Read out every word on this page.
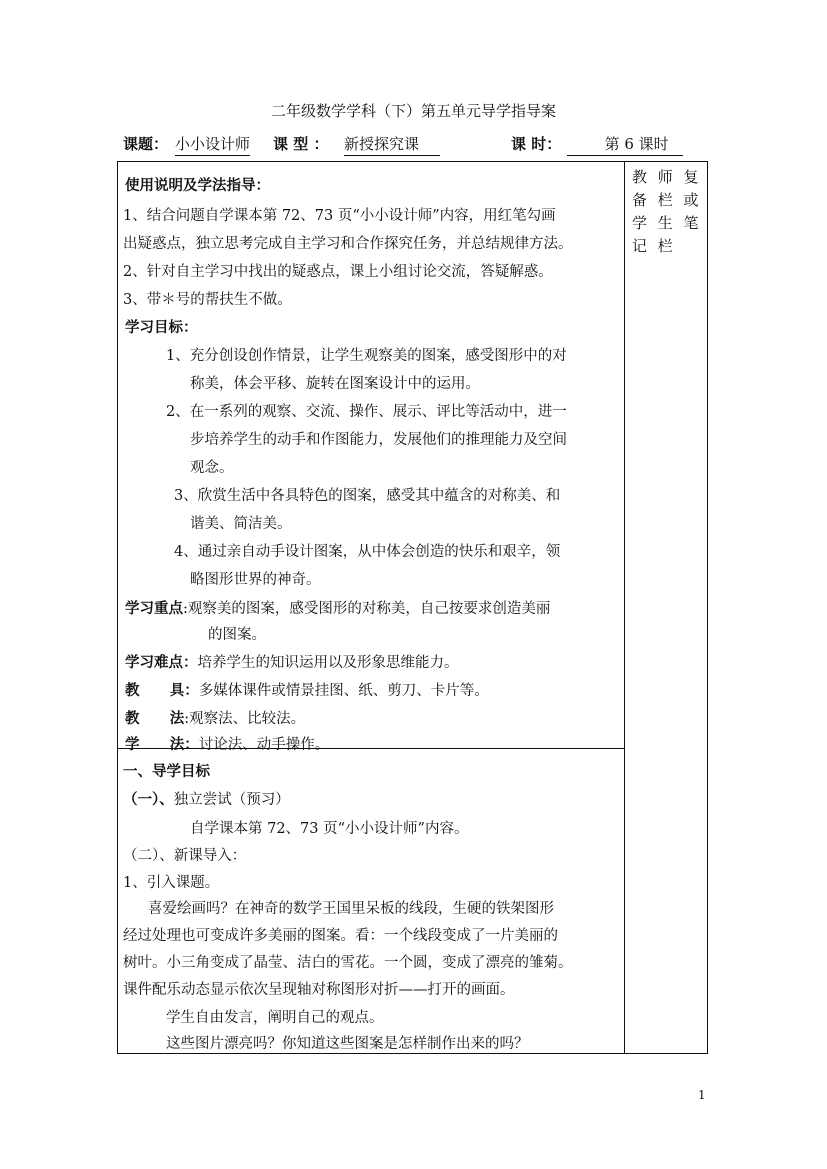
二年级数学学科（下）第五单元导学指导案
课题： 小小设计师 课 型 ： 新授探究课	课 时：	第 6 课时
教 师 复
备 栏 或
学 生 笔
记 栏
使用说明及学法指导：
1、结合问题自学课本第 72、73 页“小小设计师”内容，用红笔勾画
出疑惑点，独立思考完成自主学习和合作探究任务，并总结规律方法。
2、针对自主学习中找出的疑惑点，课上小组讨论交流，答疑解惑。
3、带＊号的帮扶生不做。
学习目标：
1、充分创设创作情景，让学生观察美的图案，感受图形中的对
称美，体会平移、旋转在图案设计中的运用。
2、在一系列的观察、交流、操作、展示、评比等活动中，进一
步培养学生的动手和作图能力，发展他们的推理能力及空间
观念。
3、欣赏生活中各具特色的图案，感受其中蕴含的对称美、和
谐美、简洁美。
4、通过亲自动手设计图案，从中体会创造的快乐和艰辛，领
略图形世界的神奇。
学习重点:观察美的图案，感受图形的对称美，自己按要求创造美丽
的图案。
学习难点：培养学生的知识运用以及形象思维能力。
教      具：多媒体课件或情景挂图、纸、剪刀、卡片等。
教      法:观察法、比较法。
学      法：讨论法、动手操作。
一、导学目标
（一）、独立尝试（预习）
自学课本第 72、73 页“小小设计师”内容。
（二）、新课导入：
1、引入课题。
喜爱绘画吗？在神奇的数学王国里呆板的线段，生硬的铁架图形
经过处理也可变成许多美丽的图案。看：一个线段变成了一片美丽的
树叶。小三角变成了晶莹、洁白的雪花。一个圆，变成了漂亮的雏菊。
课件配乐动态显示依次呈现轴对称图形对折——打开的画面。
学生自由发言，阐明自己的观点。
这些图片漂亮吗？你知道这些图案是怎样制作出来的吗？
1
